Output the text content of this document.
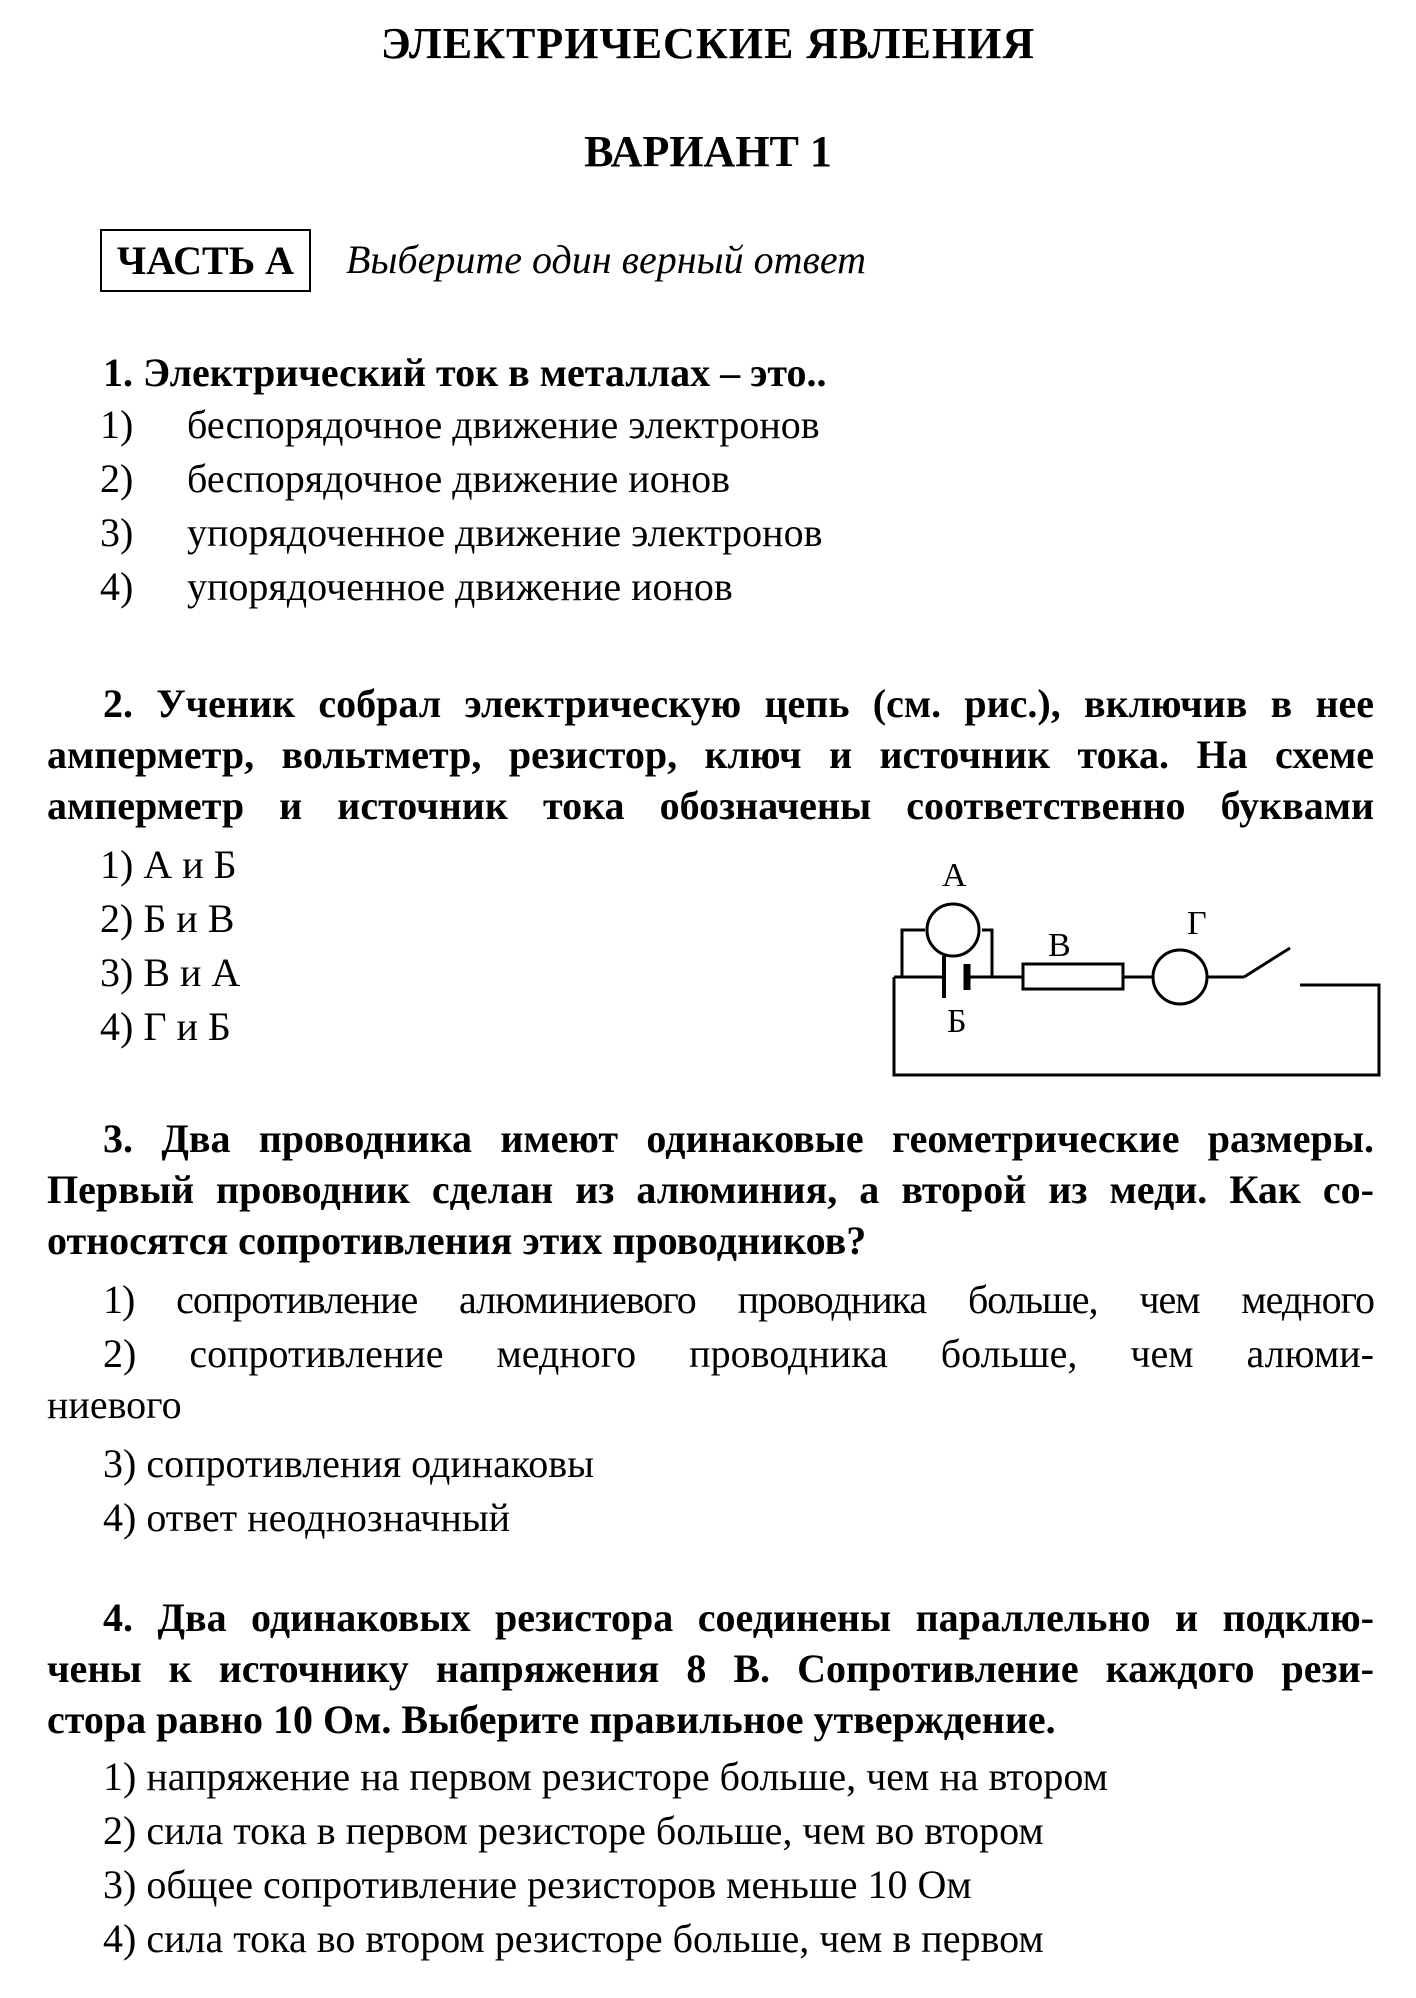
ЭЛЕКТРИЧЕСКИЕ ЯВЛЕНИЯ
ВАРИАНТ 1
ЧАСТЬ А	Выберите один верный ответ
1. Электрический ток в металлах – это..
1) беспорядочное движение электронов
2) беспорядочное движение ионов
3) упорядоченное движение электронов
4) упорядоченное движение ионов
2. Ученик собрал электрическую цепь (см. рис.), включив в нее
амперметр, вольтметр, резистор, ключ и источник тока. На схеме
амперметр и источник тока обозначены соответственно буквами
1) А и Б
2) Б и В
3) В и А
4) Г и Б
А
Б
В
Г
3. Два проводника имеют одинаковые геометрические размеры.
Первый проводник сделан из алюминия, а второй из меди. Как со-
относятся сопротивления этих проводников?
1) сопротивление алюминиевого проводника больше, чем медного
2) сопротивление медного проводника больше, чем алюми-
ниевого
3) сопротивления одинаковы
4) ответ неоднозначный
4. Два одинаковых резистора соединены параллельно и подклю-
чены к источнику напряжения 8 В. Сопротивление каждого рези-
стора равно 10 Ом. Выберите правильное утверждение.
1) напряжение на первом резисторе больше, чем на втором
2) сила тока в первом резисторе больше, чем во втором
3) общее сопротивление резисторов меньше 10 Ом
4) сила тока во втором резисторе больше, чем в первом
